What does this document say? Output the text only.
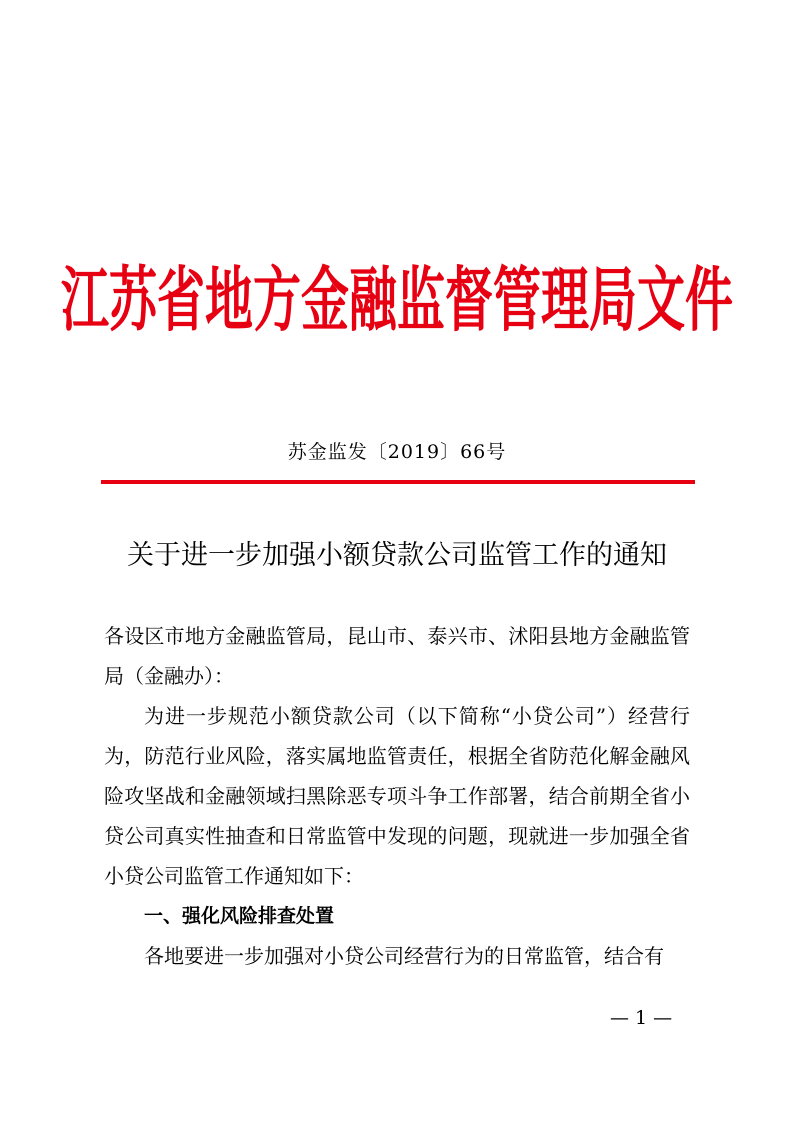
江苏省地方金融监督管理局文件
苏金监发〔2019〕66号
关于进一步加强小额贷款公司监管工作的通知

各设区市地方金融监管局，昆山市、泰兴市、沭阳县地方金融监管局（金融办）：

为进一步规范小额贷款公司（以下简称“小贷公司”）经营行为，防范行业风险，落实属地监管责任，根据全省防范化解金融风险攻坚战和金融领域扫黑除恶专项斗争工作部署，结合前期全省小贷公司真实性抽查和日常监管中发现的问题，现就进一步加强全省小贷公司监管工作通知如下：

一、强化风险排查处置

各地要进一步加强对小贷公司经营行为的日常监管，结合有

— 1 —
